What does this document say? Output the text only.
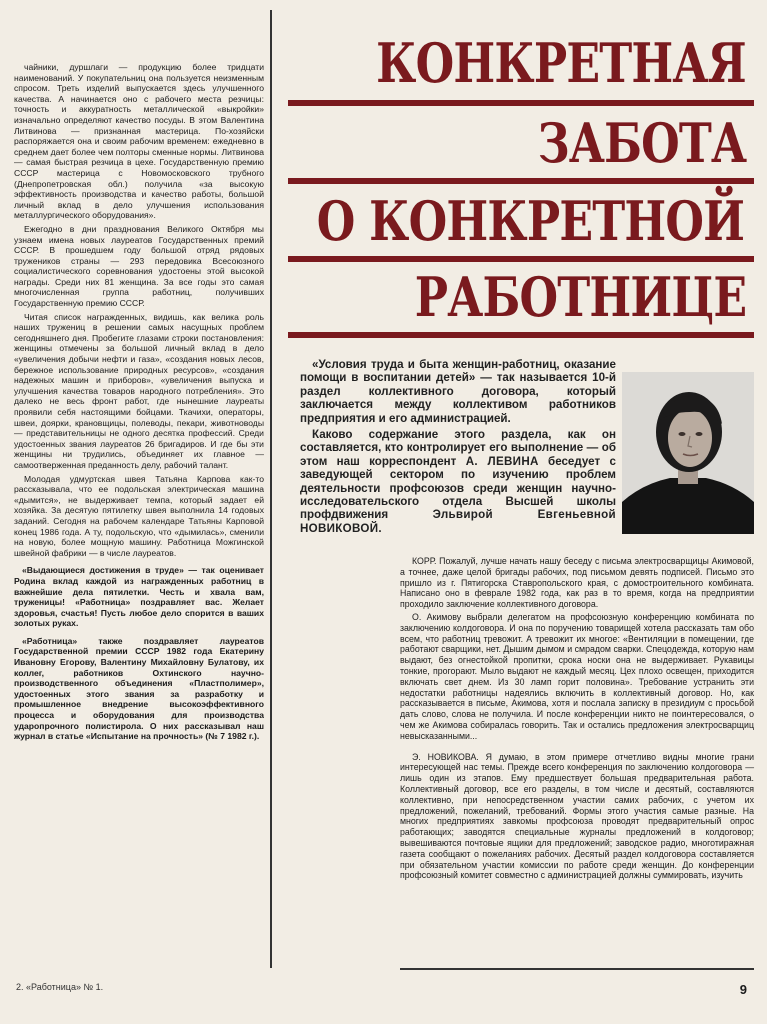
чайники, дуршлаги — продукцию более тридцати наименований. У покупательниц она пользуется неизменным спросом. Треть изделий выпускается здесь улучшенного качества. А начинается оно с рабочего места резчицы: точность и аккуратность металлической «выкройки» изначально определяют качество посуды. В этом Валентина Литвинова — признанная мастерица. По-хозяйски распоряжается она и своим рабочим временем: ежедневно в среднем дает более чем полторы сменные нормы. Литвинова — самая быстрая резчица в цехе. Государственную премию СССР мастерица с Новомосковского трубного (Днепропетровская обл.) получила «за высокую эффективность производства и качество работы, большой личный вклад в дело улучшения использования металлургического оборудования».

Ежегодно в дни празднования Великого Октября мы узнаем имена новых лауреатов Государственных премий СССР. В прошедшем году большой отряд рядовых тружеников страны — 293 передовика Всесоюзного социалистического соревнования удостоены этой высокой награды. Среди них 81 женщина. За все годы это самая многочисленная группа работниц, получивших Государственную премию СССР.

Читая список награжденных, видишь, как велика роль наших тружениц в решении самых насущных проблем сегодняшнего дня. Пробегите глазами строки постановления: женщины отмечены за большой личный вклад в дело «увеличения добычи нефти и газа», «создания новых лесов, бережное использование природных ресурсов», «создания надежных машин и приборов», «увеличения выпуска и улучшения качества товаров народного потребления». Это далеко не весь фронт работ, где нынешние лауреаты проявили себя настоящими бойцами. Ткачихи, операторы, швеи, доярки, крановщицы, полеводы, пекари, животноводы — представительницы не одного десятка профессий. Среди удостоенных звания лауреатов 26 бригадиров. И где бы эти женщины ни трудились, объединяет их главное — самоотверженная преданность делу, рабочий талант.

Молодая удмуртская швея Татьяна Карпова как-то рассказывала, что ее подольская электрическая машина «дымится», не выдерживает темпа, который задает ей хозяйка. За десятую пятилетку швея выполнила 14 годовых заданий. Сегодня на рабочем календаре Татьяны Карповой конец 1986 года. А ту, подольскую, что «дымилась», сменили на новую, более мощную машину. Работница Можгинской швейной фабрики — в числе лауреатов.

«Выдающиеся достижения в труде» — так оценивает Родина вклад каждой из награжденных работниц в важнейшие дела пятилетки. Честь и хвала вам, труженицы! «Работница» поздравляет вас. Желает здоровья, счастья! Пусть любое дело спорится в ваших золотых руках.

«Работница» также поздравляет лауреатов Государственной премии СССР 1982 года Екатерину Ивановну Егорову, Валентину Михайловну Булатову, их коллег, работников Охтинского научно-производственного объединения «Пластполимер», удостоенных этого звания за разработку и промышленное внедрение высокоэффективного процесса и оборудования для производства ударопрочного полистирола. О них рассказывал наш журнал в статье «Испытание на прочность» (№ 7 1982 г.).

КОНКРЕТНАЯ
ЗАБОТА
О КОНКРЕТНОЙ
РАБОТНИЦЕ

«Условия труда и быта женщин-работниц, оказание помощи в воспитании детей» — так называется 10-й раздел коллективного договора, который заключается между коллективом работников предприятия и его администрацией.

Каково содержание этого раздела, как он составляется, кто контролирует его выполнение — об этом наш корреспондент А. ЛЕВИНА беседует с заведующей сектором по изучению проблем деятельности профсоюзов среди женщин научно-исследовательского отдела Высшей школы профдвижения	Эльвирой Евгеньевной НОВИКОВОЙ.

КОРР. Пожалуй, лучше начать нашу беседу с письма электросварщицы Акимовой, а точнее, даже целой бригады рабочих, под письмом девять подписей. Письмо это пришло из г. Пятигорска Ставропольского края, с домостроительного комбината. Написано оно в феврале 1982 года, как раз в то время, когда на предприятии проходило заключение коллективного договора.

О. Акимову выбрали делегатом на профсоюзную конференцию комбината по заключению колдоговора. И она по поручению товарищей хотела рассказать там обо всем, что работниц тревожит. А тревожит их многое: «Вентиляции в помещении, где работают сварщики, нет. Дышим дымом и смрадом сварки. Спецодежда, которую нам выдают, без огнестойкой пропитки, срока носки она не выдерживает. Рукавицы тонкие, прогорают. Мыло выдают не каждый месяц. Цех плохо освещен, приходится включать свет днем. Из 30 ламп горит половина». Требование устранить эти недостатки работницы надеялись включить в коллективный договор. Но, как рассказывается в письме, Акимова, хотя и послала записку в президиум с просьбой дать слово, слова не получила. И после конференции никто не поинтересовался, о чем же Акимова собиралась говорить. Так и остались предложения электросварщиц невысказанными...

Э. НОВИКОВА. Я думаю, в этом примере отчетливо видны многие грани интересующей нас темы. Прежде всего конференция по заключению колдоговора — лишь один из этапов. Ему предшествует большая предварительная работа. Коллективный договор, все его разделы, в том числе и десятый, составляются коллективно, при непосредственном участии самих рабочих, с учетом их предложений, пожеланий, требований. Формы этого участия самые разные. На многих предприятиях завкомы профсоюза проводят предварительный опрос работающих; заводятся специальные журналы предложений в колдоговор; вывешиваются почтовые ящики для предложений; заводское радио, многотиражная газета сообщают о пожеланиях рабочих. Десятый раздел колдоговора составляется при обязательном участии комиссии по работе среди женщин. До конференции профсоюзный комитет совместно с администрацией должны суммировать, изучить

2. «Работница» № 1.	9
